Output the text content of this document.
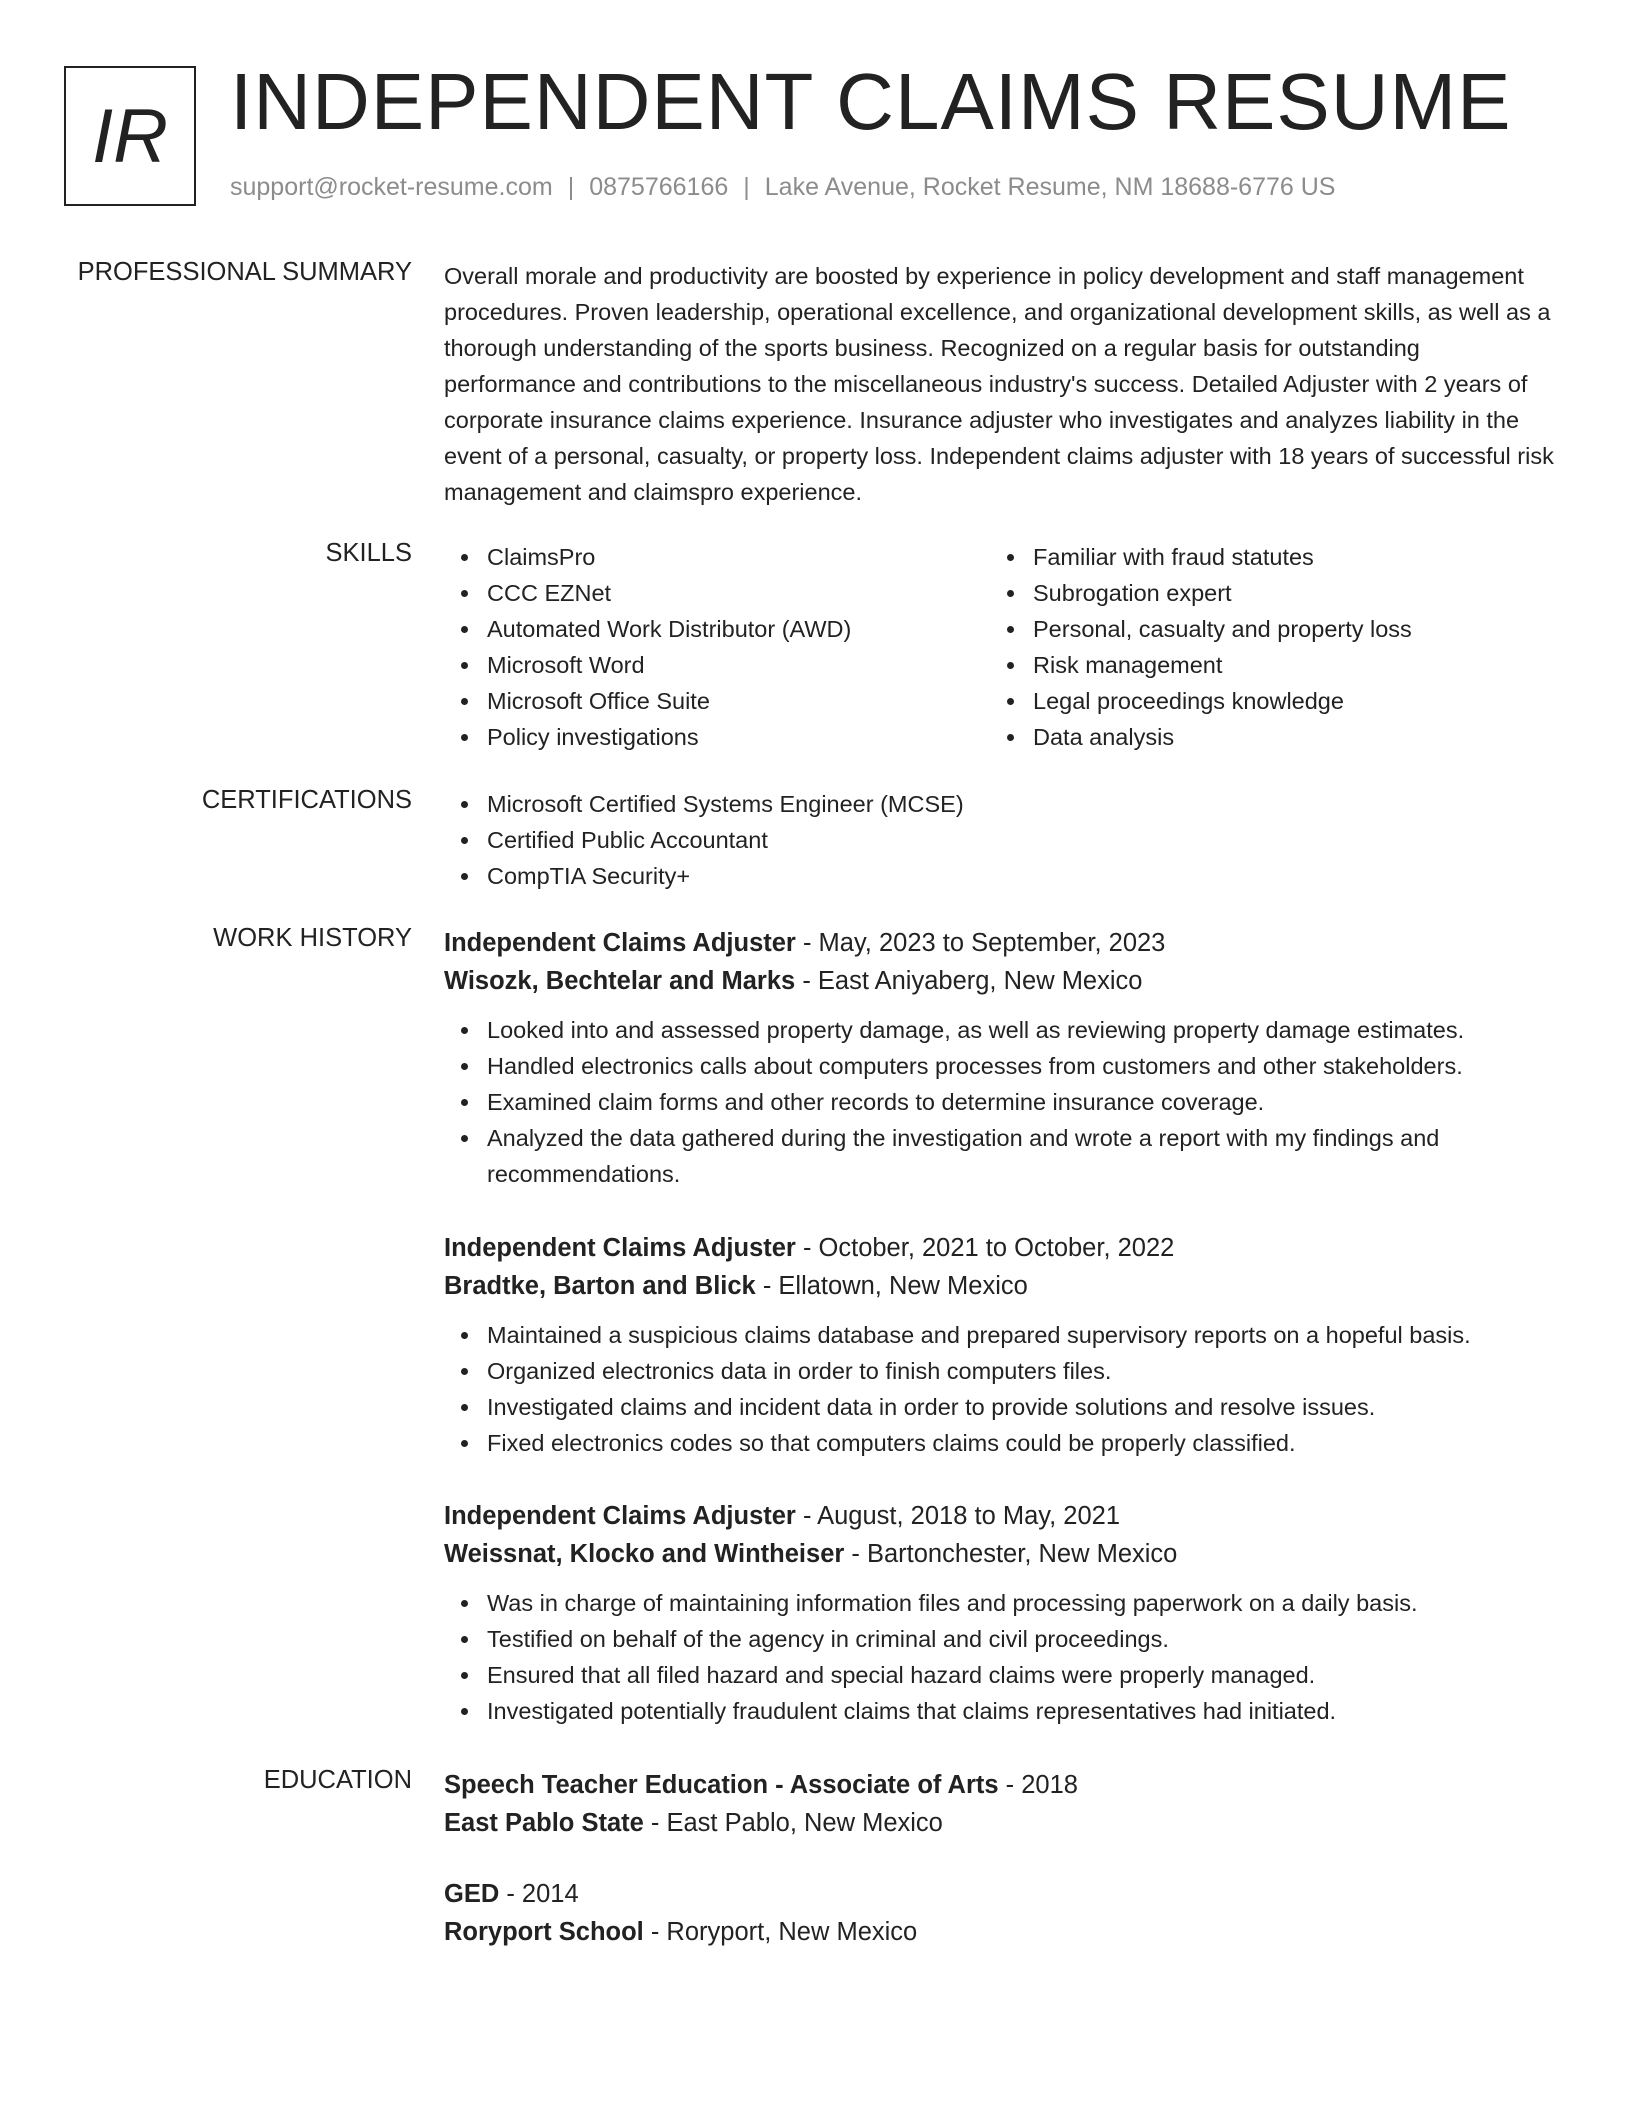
IR INDEPENDENT CLAIMS RESUME
support@rocket-resume.com | 0875766166 | Lake Avenue, Rocket Resume, NM 18688-6776 US
PROFESSIONAL SUMMARY Overall morale and productivity are boosted by experience in policy development and staff management procedures. Proven leadership, operational excellence, and organizational development skills, as well as a thorough understanding of the sports business. Recognized on a regular basis for outstanding performance and contributions to the miscellaneous industry's success. Detailed Adjuster with 2 years of corporate insurance claims experience. Insurance adjuster who investigates and analyzes liability in the event of a personal, casualty, or property loss. Independent claims adjuster with 18 years of successful risk management and claimspro experience.

SKILLS	ClaimsPro
CCC EZNet
Automated Work Distributor (AWD)
Microsoft Word
Microsoft Office Suite
Policy investigations
Familiar with fraud statutes
Subrogation expert
Personal, casualty and property loss
Risk management
Legal proceedings knowledge
Data analysis
CERTIFICATIONS	Microsoft Certified Systems Engineer (MCSE)
Certified Public Accountant
CompTIA Security+
WORK HISTORY Independent Claims Adjuster - May, 2023 to September, 2023
Wisozk, Bechtelar and Marks - East Aniyaberg, New Mexico
Looked into and assessed property damage, as well as reviewing property damage estimates.
Handled electronics calls about computers processes from customers and other stakeholders.
Examined claim forms and other records to determine insurance coverage.
Analyzed the data gathered during the investigation and wrote a report with my findings and recommendations.
Independent Claims Adjuster - October, 2021 to October, 2022
Bradtke, Barton and Blick - Ellatown, New Mexico
Maintained a suspicious claims database and prepared supervisory reports on a hopeful basis.
Organized electronics data in order to finish computers files.
Investigated claims and incident data in order to provide solutions and resolve issues.
Fixed electronics codes so that computers claims could be properly classified.
Independent Claims Adjuster - August, 2018 to May, 2021
Weissnat, Klocko and Wintheiser - Bartonchester, New Mexico
Was in charge of maintaining information files and processing paperwork on a daily basis.
Testified on behalf of the agency in criminal and civil proceedings.
Ensured that all filed hazard and special hazard claims were properly managed.
Investigated potentially fraudulent claims that claims representatives had initiated.
EDUCATION Speech Teacher Education - Associate of Arts - 2018
East Pablo State - East Pablo, New Mexico
GED - 2014
Roryport School - Roryport, New Mexico
